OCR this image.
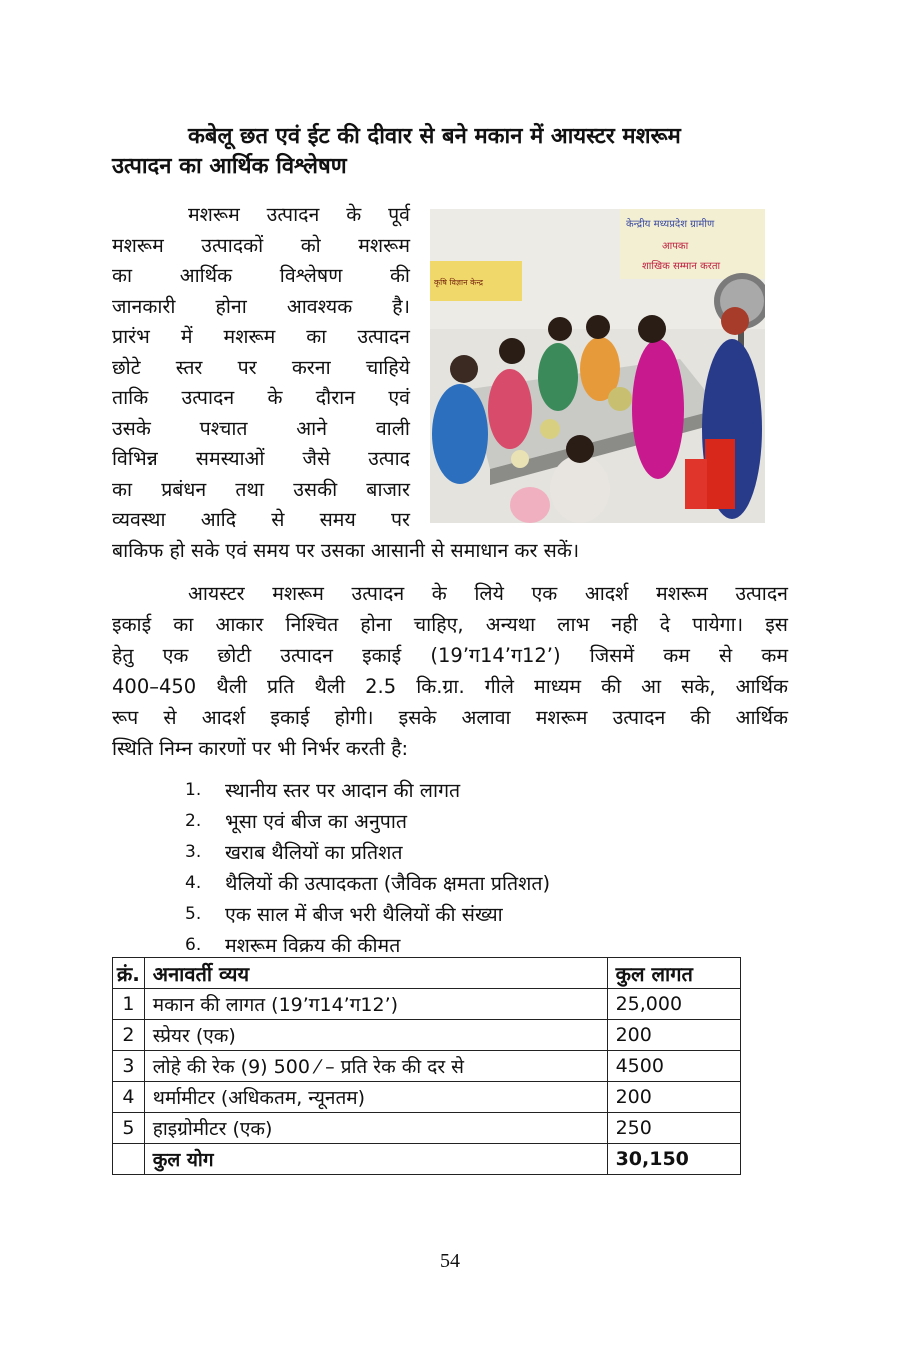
कबेलू छत एवं ईट की दीवार से बने मकान में आयस्टर मशरूम
उत्पादन का आर्थिक विश्लेषण
मशरूम उत्पादन के पूर्व
मशरूम उत्पादकों को मशरूम
का आर्थिक विश्लेषण की
जानकारी होना आवश्यक है।
प्रारंभ में मशरूम का उत्पादन
छोटे स्तर पर करना चाहिये
ताकि उत्पादन के दौरान एवं
उसके पश्चात आने वाली
विभिन्न समस्याओं जैसे उत्पाद
का प्रबंधन तथा उसकी बाजार
व्यवस्था आदि से समय पर
केन्द्रीय मध्यप्रदेश ग्रामीण
आपका
शाखिक सम्मान करता
कृषि विज्ञान केन्द्र
बाकिफ हो सके एवं समय पर उसका आसानी से समाधान कर सकें।
आयस्टर मशरूम उत्पादन के लिये एक आदर्श मशरूम उत्पादन
इकाई का आकार निश्चित होना चाहिए, अन्यथा लाभ नही दे पायेगा। इस
हेतु एक छोटी उत्पादन इकाई (19’ग14’ग12’) जिसमें कम से कम
400–450 थैली प्रति थैली 2.5 कि.ग्रा. गीले माध्यम की आ सके, आर्थिक
रूप से आदर्श इकाई होगी। इसके अलावा मशरूम उत्पादन की आर्थिक
स्थिति निम्न कारणों पर भी निर्भर करती है:
1.	स्थानीय स्तर पर आदान की लागत
2.	भूसा एवं बीज का अनुपात
3.	खराब थैलियों का प्रतिशत
4.	थैलियों की उत्पादकता (जैविक क्षमता प्रतिशत)
5.	एक साल में बीज भरी थैलियों की संख्या
6.	मशरूम विक्रय की कीमत
क्रं.	अनावर्ती व्यय	कुल लागत
1	मकान की लागत (19’ग14’ग12’)	25,000
2	स्प्रेयर (एक)	200
3	लोहे की रेक (9) 500 ⁄ – प्रति रेक की दर से	4500
4	थर्मामीटर (अधिकतम, न्यूनतम)	200
5	हाइग्रोमीटर (एक)	250
	कुल योग	30,150
54
